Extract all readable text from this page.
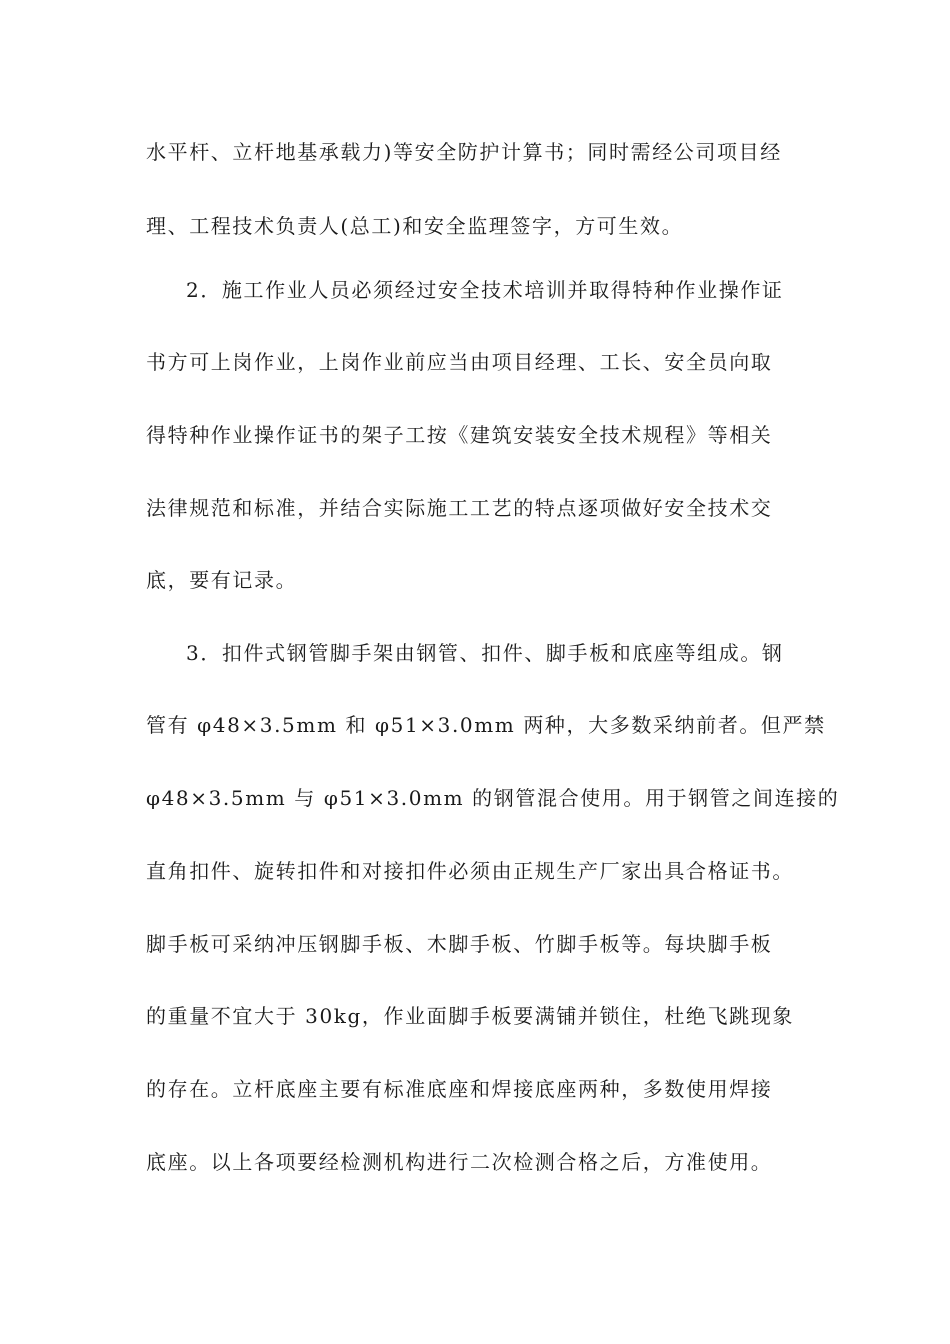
水平杆、立杆地基承载力)等安全防护计算书；同时需经公司项目经
理、工程技术负责人(总工)和安全监理签字，方可生效。
2．施工作业人员必须经过安全技术培训并取得特种作业操作证
书方可上岗作业，上岗作业前应当由项目经理、工长、安全员向取
得特种作业操作证书的架子工按《建筑安装安全技术规程》等相关
法律规范和标准，并结合实际施工工艺的特点逐项做好安全技术交
底，要有记录。
3．扣件式钢管脚手架由钢管、扣件、脚手板和底座等组成。钢
管有 φ48×3.5mm 和 φ51×3.0mm 两种，大多数采纳前者。但严禁
φ48×3.5mm 与 φ51×3.0mm 的钢管混合使用。用于钢管之间连接的
直角扣件、旋转扣件和对接扣件必须由正规生产厂家出具合格证书。
脚手板可采纳冲压钢脚手板、木脚手板、竹脚手板等。每块脚手板
的重量不宜大于 30kg，作业面脚手板要满铺并锁住，杜绝飞跳现象
的存在。立杆底座主要有标准底座和焊接底座两种，多数使用焊接
底座。以上各项要经检测机构进行二次检测合格之后，方准使用。
